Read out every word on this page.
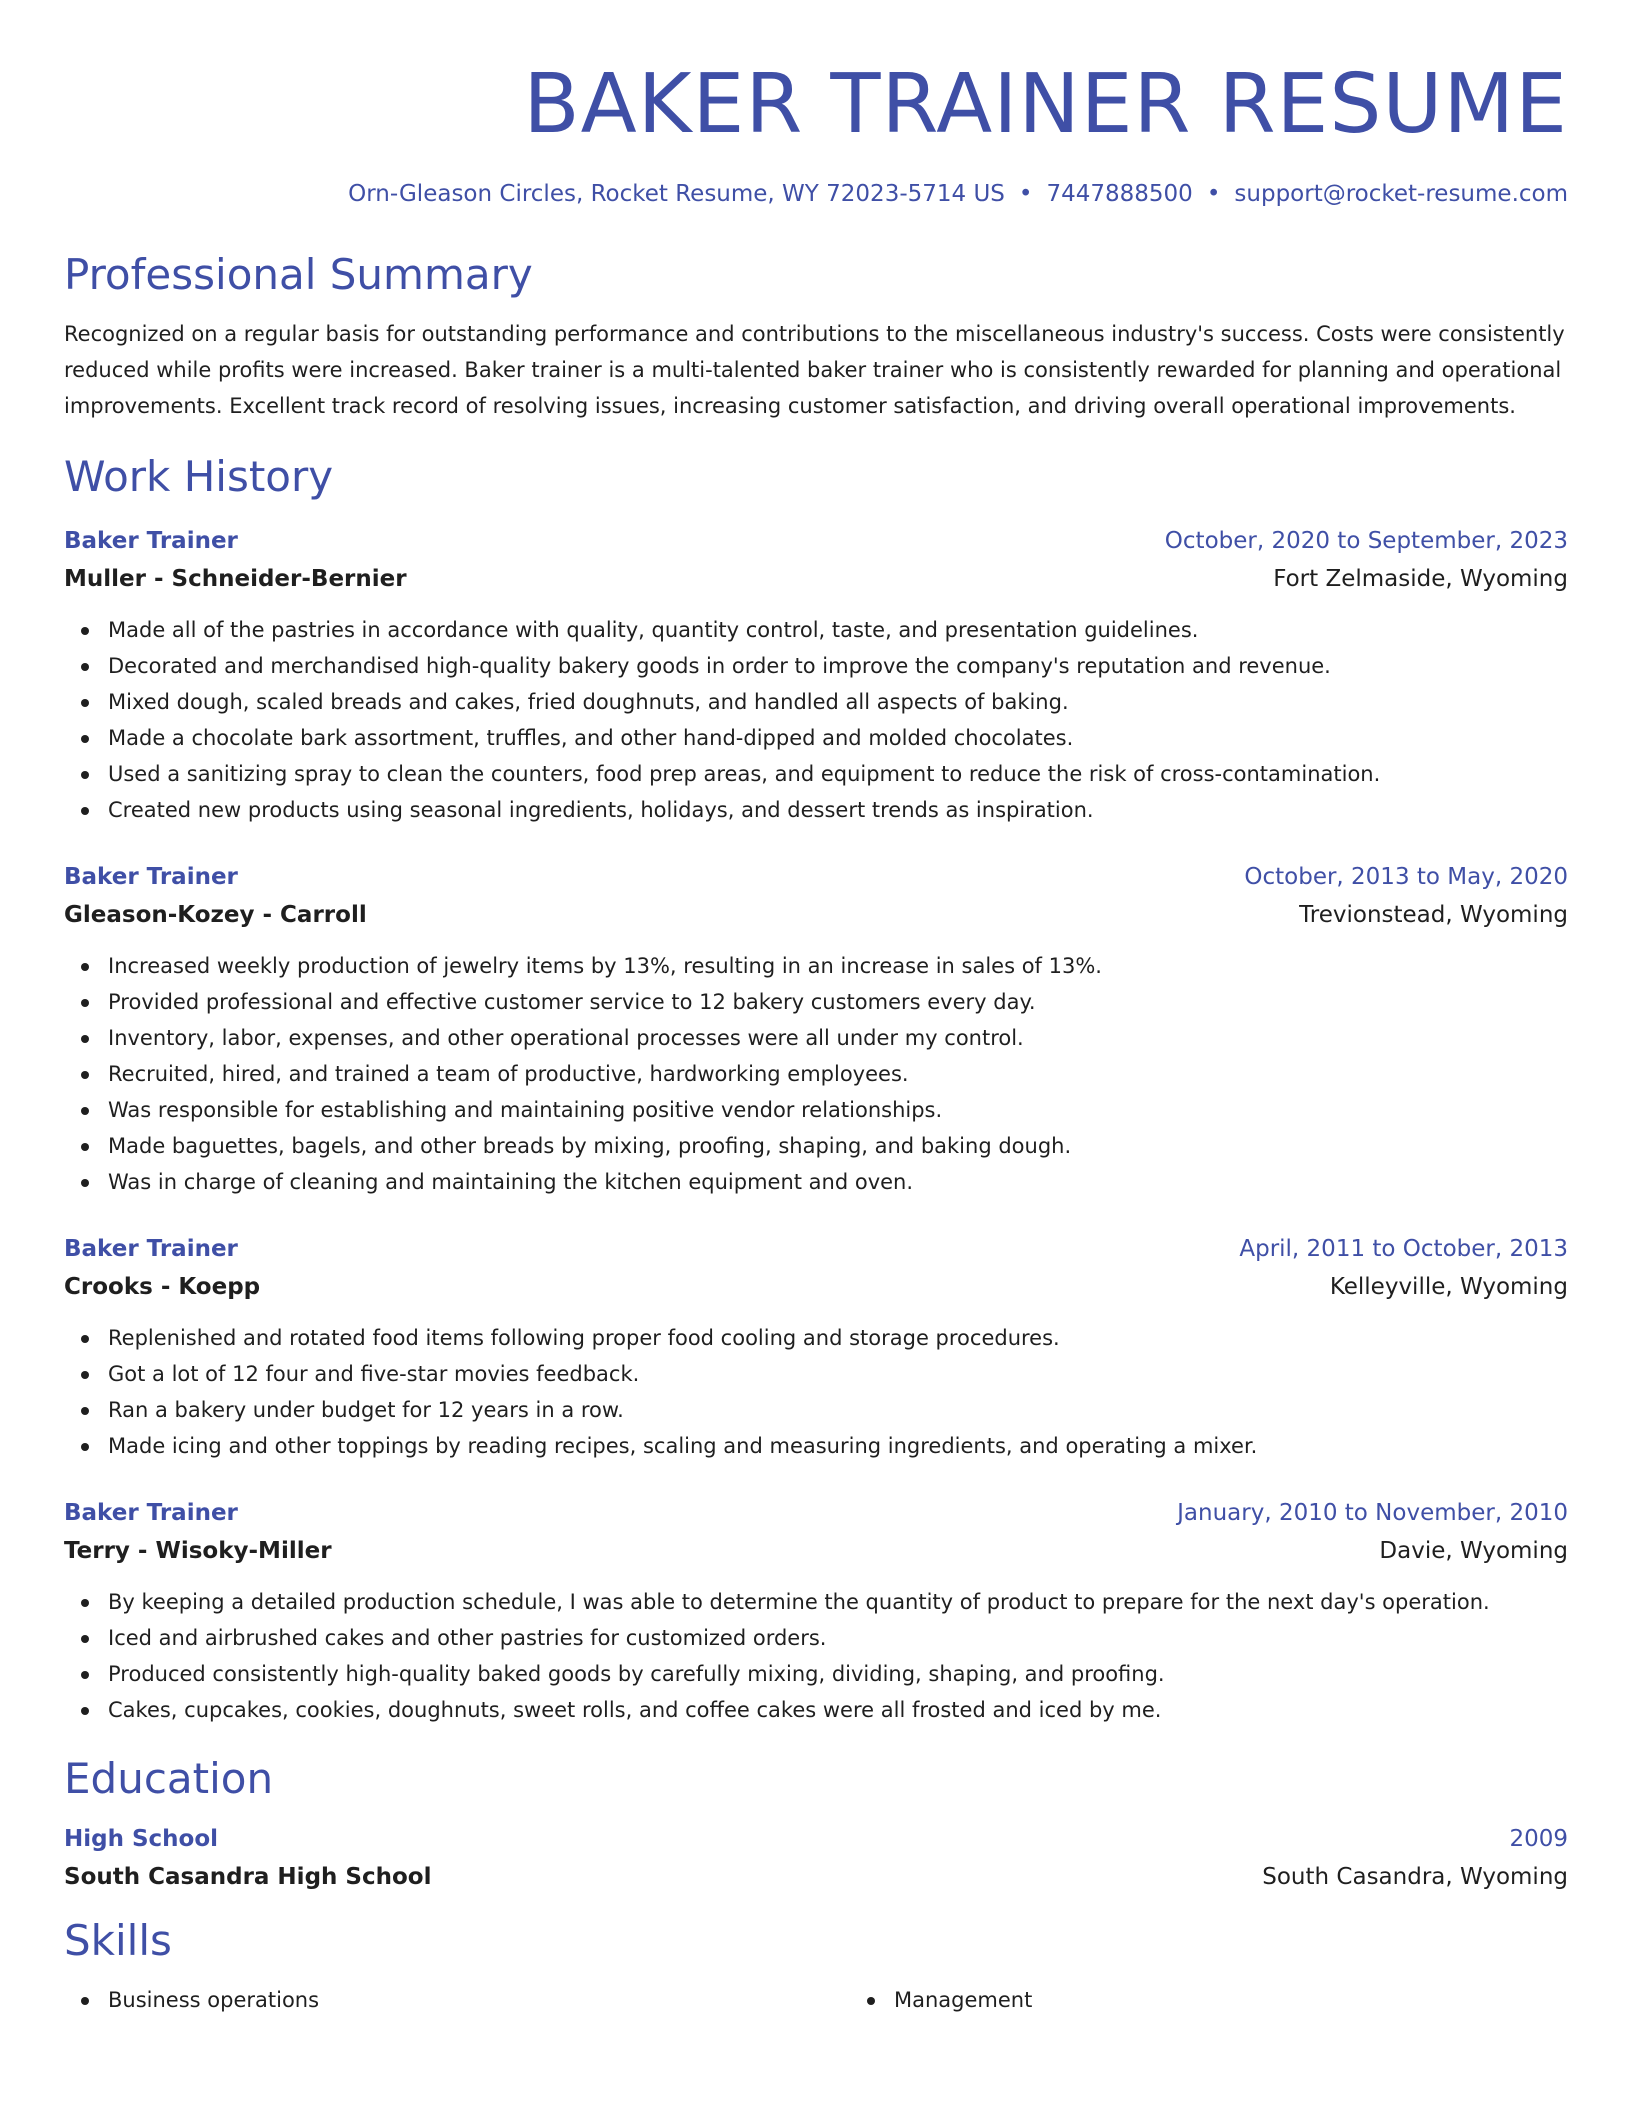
BAKER TRAINER RESUME
Orn-Gleason Circles, Rocket Resume, WY 72023-5714 US • 7447888500 • support@rocket-resume.com
Professional Summary
Recognized on a regular basis for outstanding performance and contributions to the miscellaneous industry's success. Costs were consistently reduced while profits were increased. Baker trainer is a multi-talented baker trainer who is consistently rewarded for planning and operational improvements. Excellent track record of resolving issues, increasing customer satisfaction, and driving overall operational improvements.
Work History
Baker Trainer	October, 2020 to September, 2023
Muller - Schneider-Bernier	Fort Zelmaside, Wyoming
Made all of the pastries in accordance with quality, quantity control, taste, and presentation guidelines.
Decorated and merchandised high-quality bakery goods in order to improve the company's reputation and revenue.
Mixed dough, scaled breads and cakes, fried doughnuts, and handled all aspects of baking.
Made a chocolate bark assortment, truffles, and other hand-dipped and molded chocolates.
Used a sanitizing spray to clean the counters, food prep areas, and equipment to reduce the risk of cross-contamination.
Created new products using seasonal ingredients, holidays, and dessert trends as inspiration.
Baker Trainer	October, 2013 to May, 2020
Gleason-Kozey - Carroll	Trevionstead, Wyoming
Increased weekly production of jewelry items by 13%, resulting in an increase in sales of 13%.
Provided professional and effective customer service to 12 bakery customers every day.
Inventory, labor, expenses, and other operational processes were all under my control.
Recruited, hired, and trained a team of productive, hardworking employees.
Was responsible for establishing and maintaining positive vendor relationships.
Made baguettes, bagels, and other breads by mixing, proofing, shaping, and baking dough.
Was in charge of cleaning and maintaining the kitchen equipment and oven.
Baker Trainer	April, 2011 to October, 2013
Crooks - Koepp	Kelleyville, Wyoming
Replenished and rotated food items following proper food cooling and storage procedures.
Got a lot of 12 four and five-star movies feedback.
Ran a bakery under budget for 12 years in a row.
Made icing and other toppings by reading recipes, scaling and measuring ingredients, and operating a mixer.
Baker Trainer	January, 2010 to November, 2010
Terry - Wisoky-Miller	Davie, Wyoming
By keeping a detailed production schedule, I was able to determine the quantity of product to prepare for the next day's operation.
Iced and airbrushed cakes and other pastries for customized orders.
Produced consistently high-quality baked goods by carefully mixing, dividing, shaping, and proofing.
Cakes, cupcakes, cookies, doughnuts, sweet rolls, and coffee cakes were all frosted and iced by me.
Education
High School	2009
South Casandra High School	South Casandra, Wyoming
Skills
Business operations	Management
